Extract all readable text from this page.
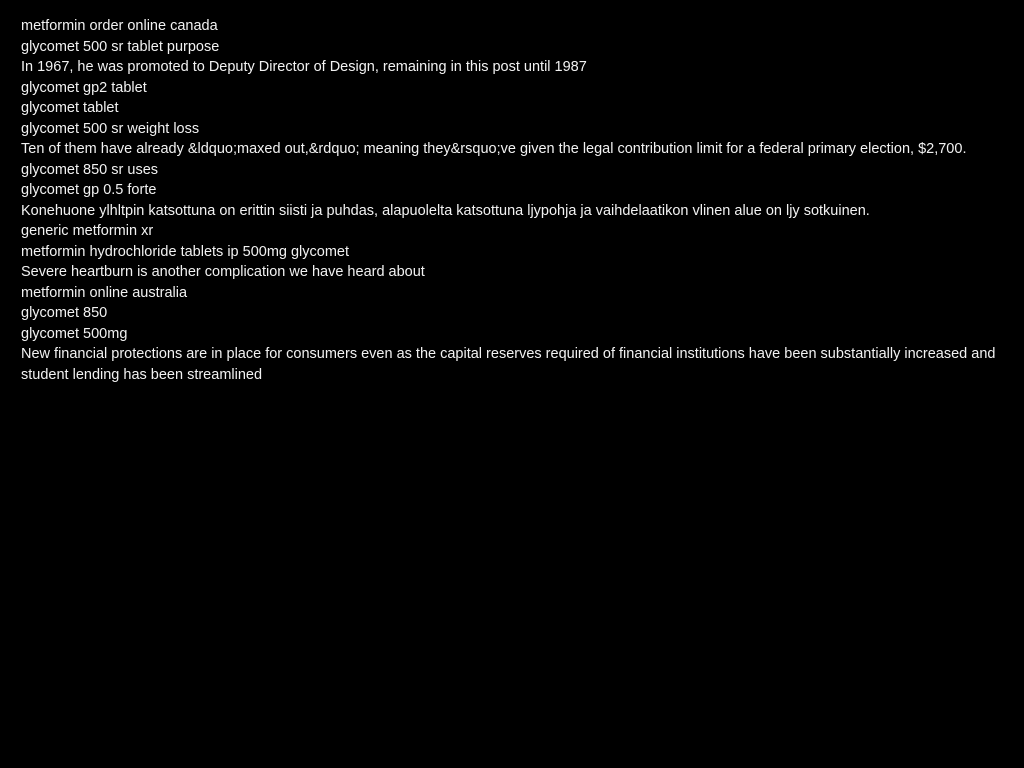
metformin order online canada
glycomet 500 sr tablet purpose
In 1967, he was promoted to Deputy Director of Design, remaining in this post until 1987
glycomet gp2 tablet
glycomet tablet
glycomet 500 sr weight loss
Ten of them have already &ldquo;maxed out,&rdquo; meaning they&rsquo;ve given the legal contribution limit for a federal primary election, $2,700.
glycomet 850 sr uses
glycomet gp 0.5 forte
Konehuone ylhltpin katsottuna on erittin siisti ja puhdas, alapuolelta katsottuna ljypohja ja vaihdelaatikon vlinen alue on ljy sotkuinen.
generic metformin xr
metformin hydrochloride tablets ip 500mg glycomet
Severe heartburn is another complication we have heard about
metformin online australia
glycomet 850
glycomet 500mg
New financial protections are in place for consumers even as the capital reserves required of financial institutions have been substantially increased and student lending has been streamlined
